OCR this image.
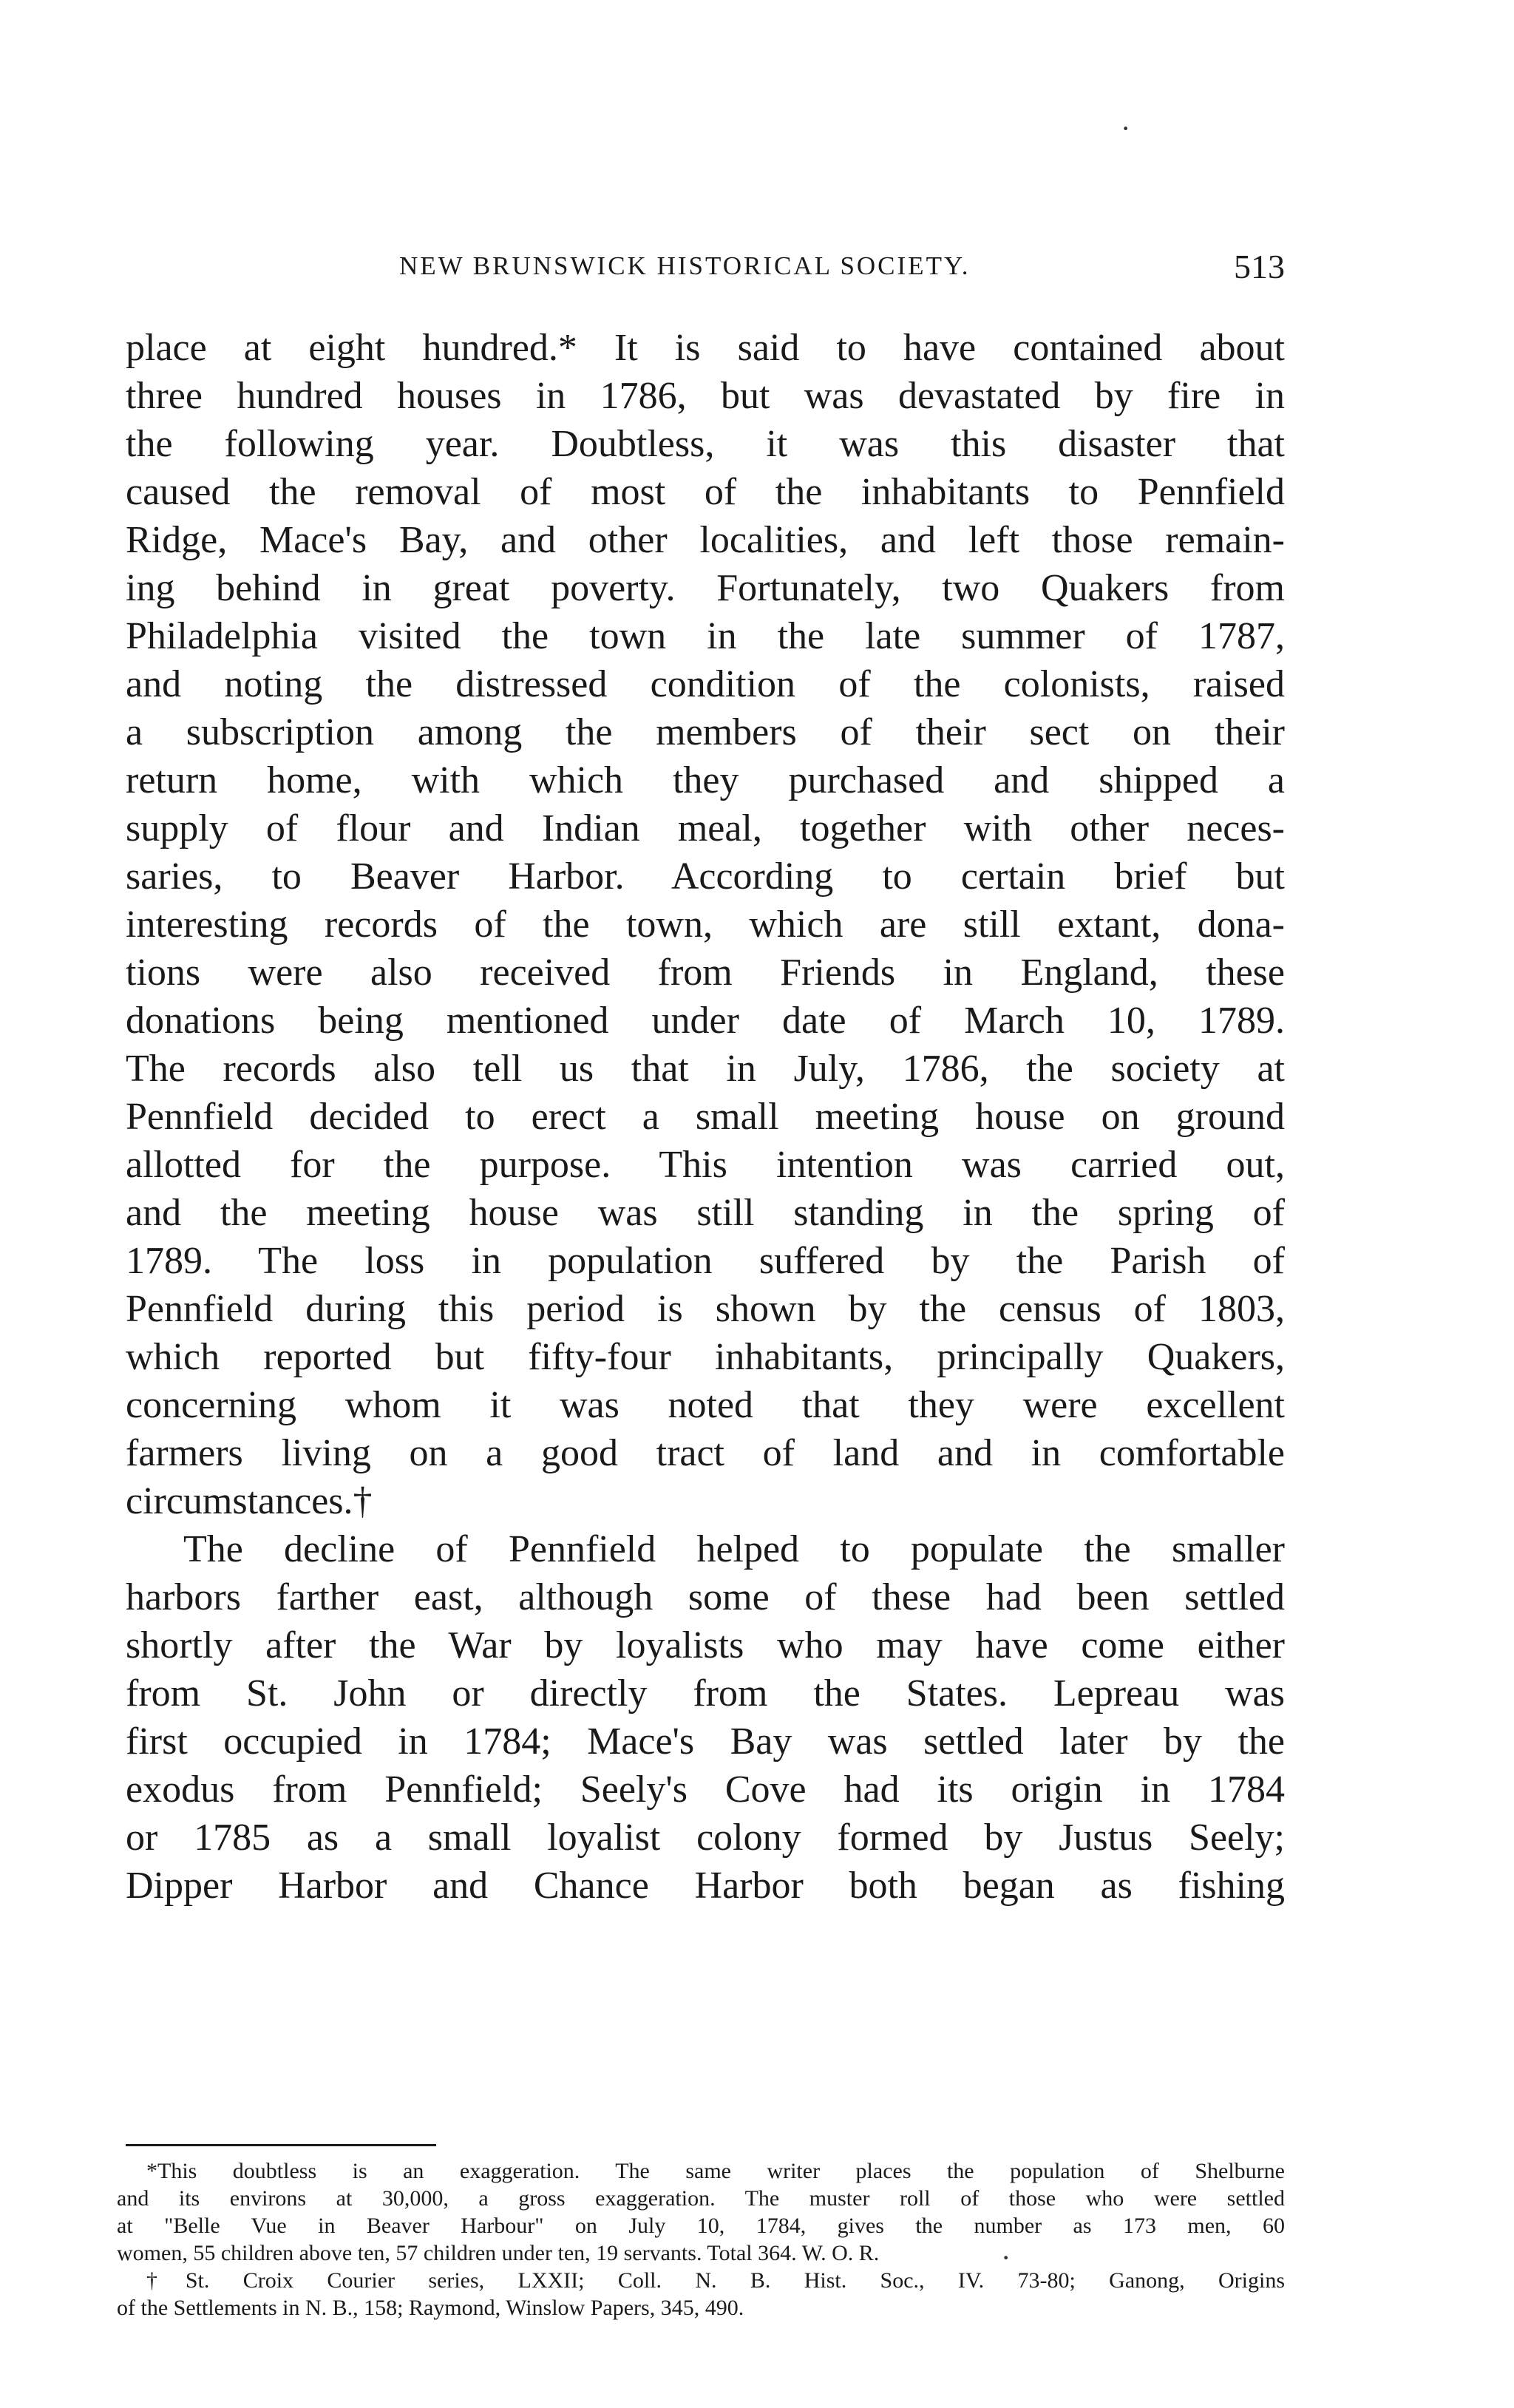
NEW BRUNSWICK HISTORICAL SOCIETY.	513
·
place at eight hundred.* It is said to have contained about
three hundred houses in 1786, but was devastated by fire in
the following year. Doubtless, it was this disaster that
caused the removal of most of the inhabitants to Pennfield
Ridge, Mace's Bay, and other localities, and left those remain-
ing behind in great poverty. Fortunately, two Quakers from
Philadelphia visited the town in the late summer of 1787,
and noting the distressed condition of the colonists, raised
a subscription among the members of their sect on their
return home, with which they purchased and shipped a
supply of flour and Indian meal, together with other neces-
saries, to Beaver Harbor. According to certain brief but
interesting records of the town, which are still extant, dona-
tions were also received from Friends in England, these
donations being mentioned under date of March 10, 1789.
The records also tell us that in July, 1786, the society at
Pennfield decided to erect a small meeting house on ground
allotted for the purpose. This intention was carried out,
and the meeting house was still standing in the spring of
1789. The loss in population suffered by the Parish of
Pennfield during this period is shown by the census of 1803,
which reported but fifty-four inhabitants, principally Quakers,
concerning whom it was noted that they were excellent
farmers living on a good tract of land and in comfortable
circumstances.†
The decline of Pennfield helped to populate the smaller
harbors farther east, although some of these had been settled
shortly after the War by loyalists who may have come either
from St. John or directly from the States. Lepreau was
first occupied in 1784; Mace's Bay was settled later by the
exodus from Pennfield; Seely's Cove had its origin in 1784
or 1785 as a small loyalist colony formed by Justus Seely;
Dipper Harbor and Chance Harbor both began as fishing
*This doubtless is an exaggeration. The same writer places the population of Shelburne
and its environs at 30,000, a gross exaggeration. The muster roll of those who were settled
at "Belle Vue in Beaver Harbour" on July 10, 1784, gives the number as 173 men, 60
women, 55 children above ten, 57 children under ten, 19 servants. Total 364. W. O. R.
†St. Croix Courier series, LXXII; Coll. N. B. Hist. Soc., IV. 73-80; Ganong, Origins
of the Settlements in N. B., 158; Raymond, Winslow Papers, 345, 490.
·
